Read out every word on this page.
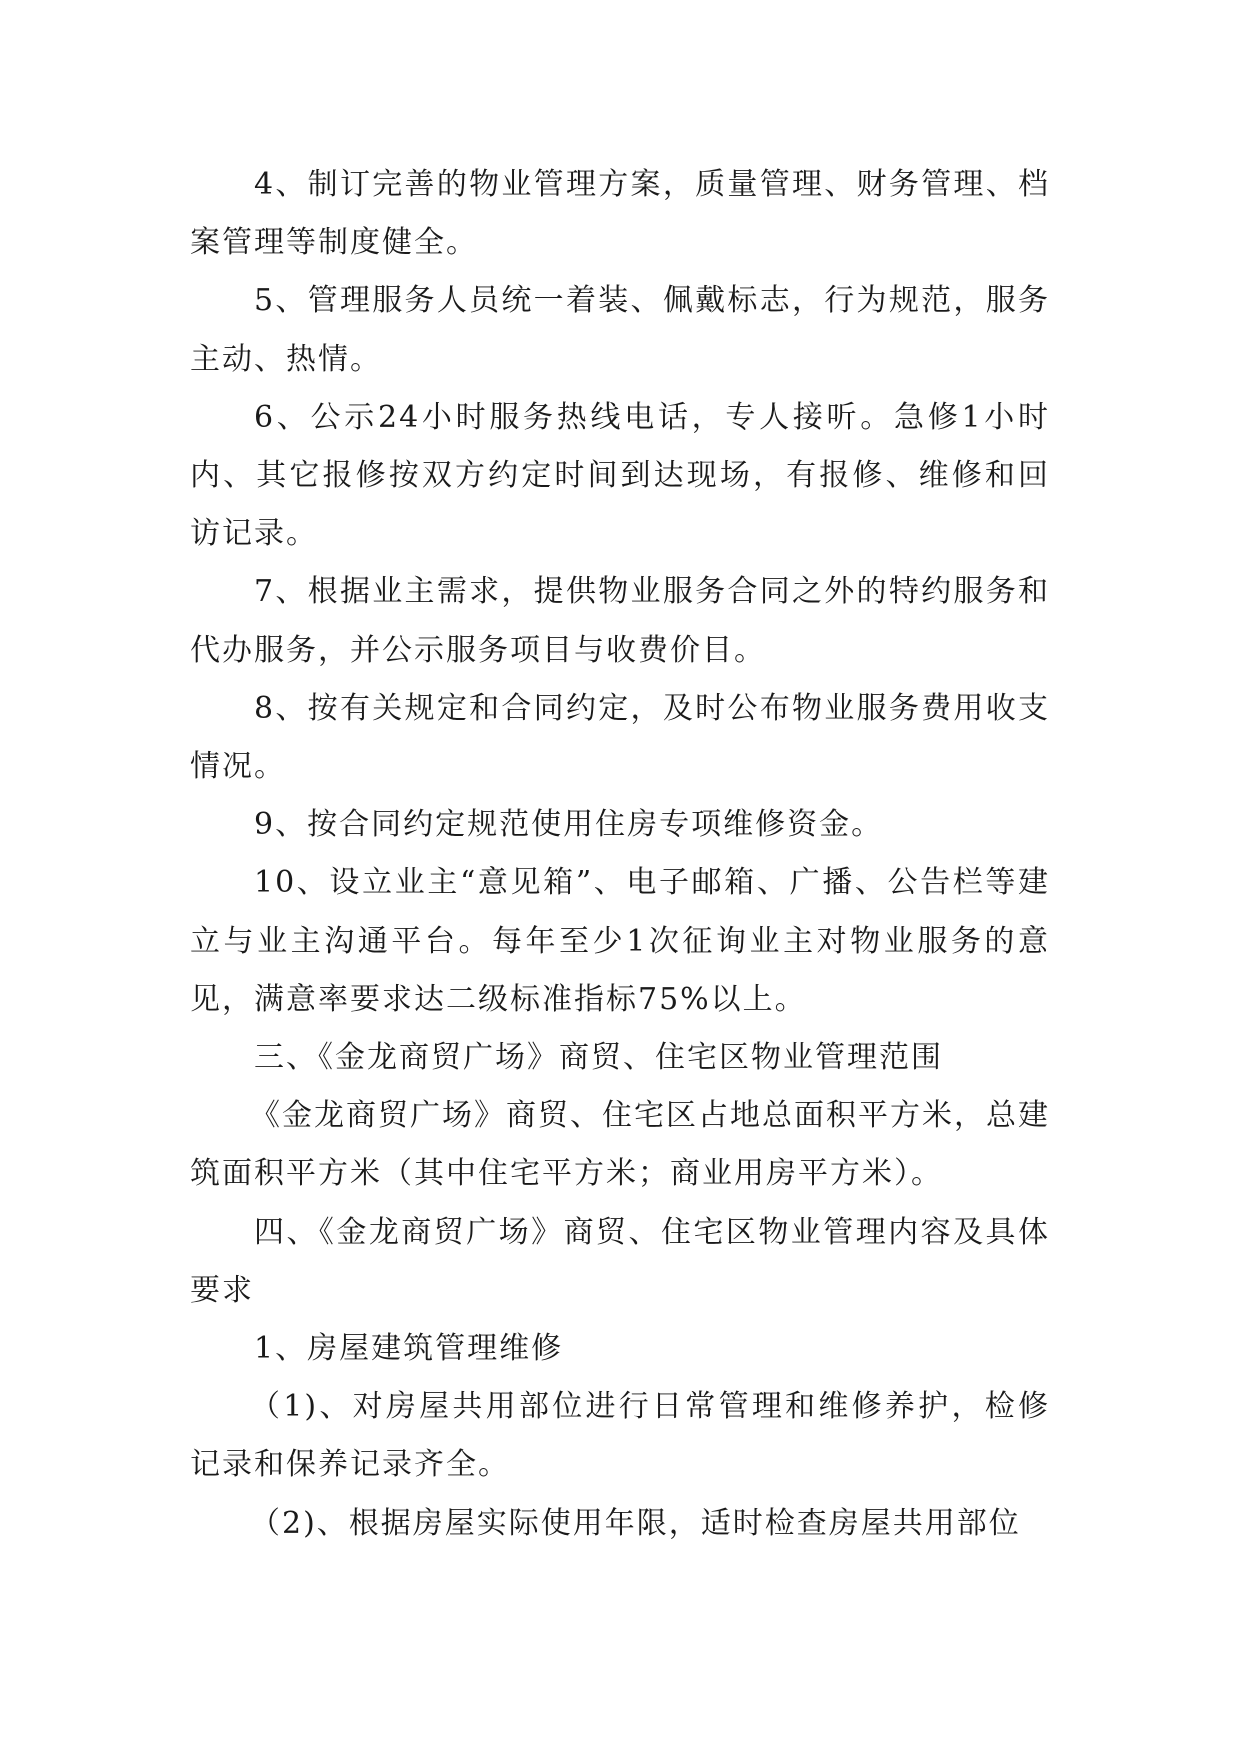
4、制订完善的物业管理方案，质量管理、财务管理、档案管理等制度健全。

5、管理服务人员统一着装、佩戴标志，行为规范，服务主动、热情。

6、公示24小时服务热线电话，专人接听。急修1小时内、其它报修按双方约定时间到达现场，有报修、维修和回访记录。

7、根据业主需求，提供物业服务合同之外的特约服务和代办服务，并公示服务项目与收费价目。

8、按有关规定和合同约定，及时公布物业服务费用收支情况。

9、按合同约定规范使用住房专项维修资金。

10、设立业主“意见箱”、电子邮箱、广播、公告栏等建立与业主沟通平台。每年至少1次征询业主对物业服务的意见，满意率要求达二级标准指标75%以上。

三、《金龙商贸广场》商贸、住宅区物业管理范围

《金龙商贸广场》商贸、住宅区占地总面积平方米，总建筑面积平方米（其中住宅平方米；商业用房平方米）。

四、《金龙商贸广场》商贸、住宅区物业管理内容及具体要求

1、房屋建筑管理维修

（1)、对房屋共用部位进行日常管理和维修养护，检修记录和保养记录齐全。

（2)、根据房屋实际使用年限，适时检查房屋共用部位
